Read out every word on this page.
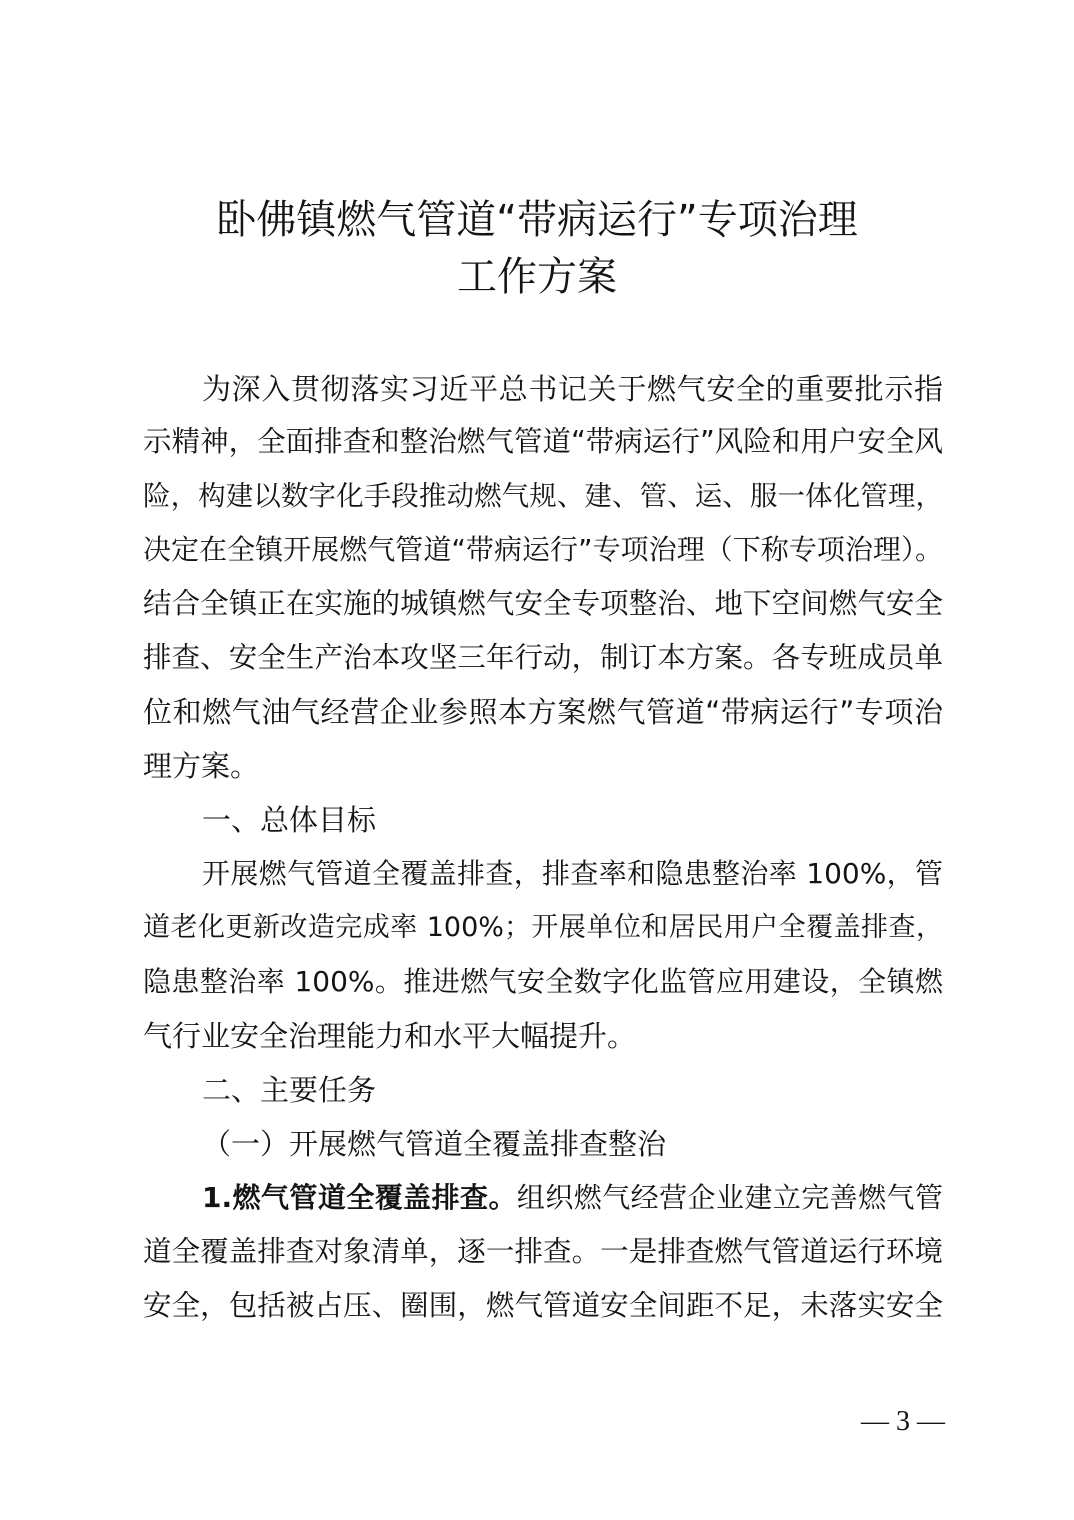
卧佛镇燃气管道“带病运行”专项治理
工作方案
为深入贯彻落实习近平总书记关于燃气安全的重要批示指
示精神，全面排查和整治燃气管道“带病运行”风险和用户安全风
险，构建以数字化手段推动燃气规、建、管、运、服一体化管理，
决定在全镇开展燃气管道“带病运行”专项治理（下称专项治理）。
结合全镇正在实施的城镇燃气安全专项整治、地下空间燃气安全
排查、安全生产治本攻坚三年行动，制订本方案。各专班成员单
位和燃气油气经营企业参照本方案燃气管道“带病运行”专项治
理方案。
一、总体目标
开展燃气管道全覆盖排查，排查率和隐患整治率 100%，管
道老化更新改造完成率 100%；开展单位和居民用户全覆盖排查，
隐患整治率 100%。推进燃气安全数字化监管应用建设，全镇燃
气行业安全治理能力和水平大幅提升。
二、主要任务
（一）开展燃气管道全覆盖排查整治
1.燃气管道全覆盖排查。组织燃气经营企业建立完善燃气管
道全覆盖排查对象清单，逐一排查。一是排查燃气管道运行环境
安全，包括被占压、圈围，燃气管道安全间距不足，未落实安全
— 3 —
